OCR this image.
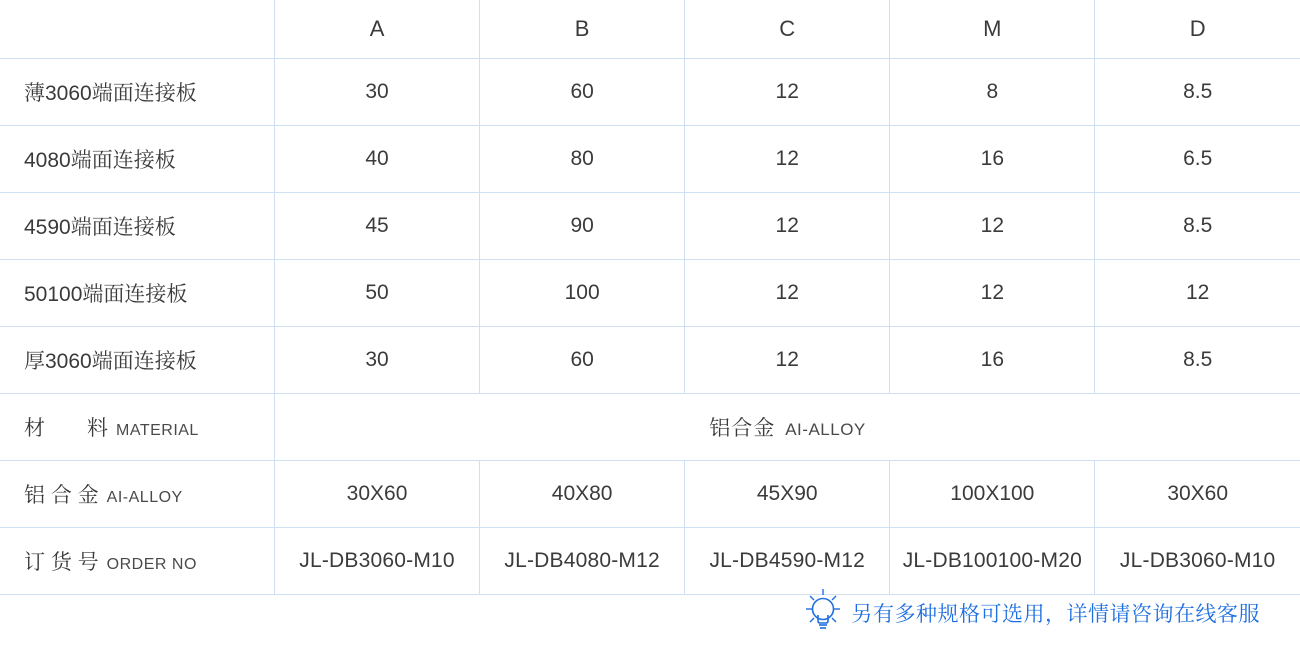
	A	B	C	M	D
薄3060端面连接板	30	60	12	8	8.5
4080端面连接板	40	80	12	16	6.5
4590端面连接板	45	90	12	12	8.5
50100端面连接板	50	100	12	12	12
厚3060端面连接板	30	60	12	16	8.5
材　　料 MATERIAL	铝合金 AI-ALLOY				
铝 合 金 AI-ALLOY	30X60	40X80	45X90	100X100	30X60
订 货 号 ORDER NO	JL-DB3060-M10	JL-DB4080-M12	JL-DB4590-M12	JL-DB100100-M20	JL-DB3060-M10
另有多种规格可选用，详情请咨询在线客服
